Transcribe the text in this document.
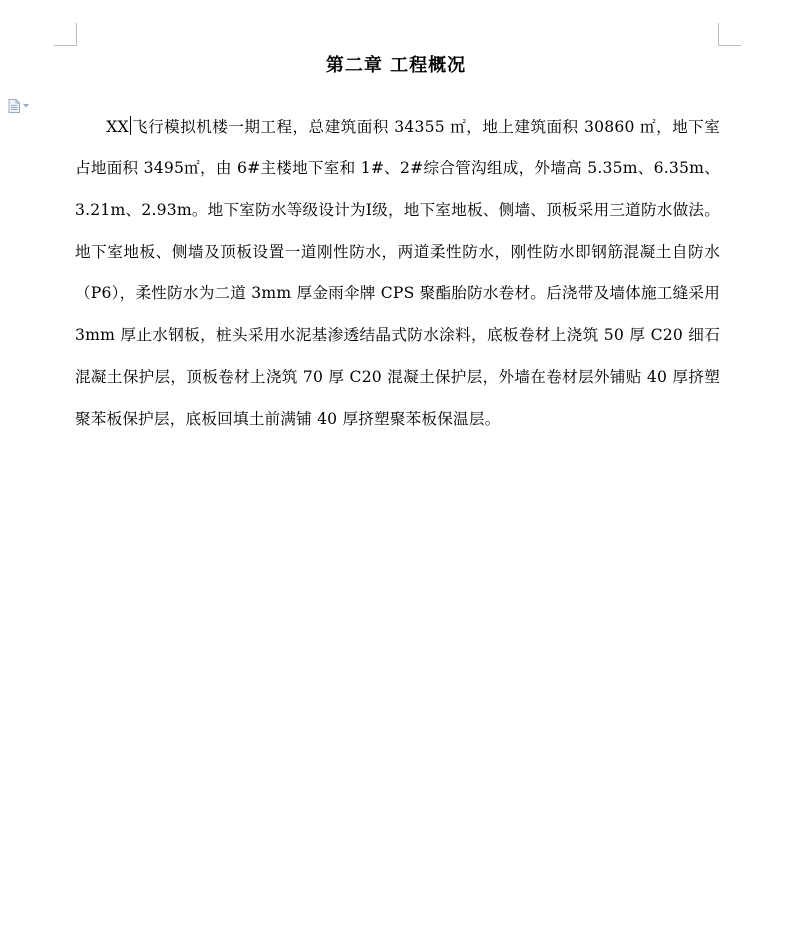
第二章 工程概况

XX 飞行模拟机楼一期工程，总建筑面积 34355 ㎡，地上建筑面积 30860 ㎡，地下室占地面积 3495㎡，由 6#主楼地下室和 1#、2#综合管沟组成，外墙高 5.35m、6.35m、3.21m、2.93m。地下室防水等级设计为Ⅰ级，地下室地板、侧墙、顶板采用三道防水做法。地下室地板、侧墙及顶板设置一道刚性防水，两道柔性防水，刚性防水即钢筋混凝土自防水（P6），柔性防水为二道 3mm 厚金雨伞牌 CPS 聚酯胎防水卷材。后浇带及墙体施工缝采用 3mm 厚止水钢板，桩头采用水泥基渗透结晶式防水涂料，底板卷材上浇筑 50 厚 C20 细石混凝土保护层，顶板卷材上浇筑 70 厚 C20 混凝土保护层，外墙在卷材层外铺贴 40 厚挤塑聚苯板保护层，底板回填土前满铺 40 厚挤塑聚苯板保温层。
